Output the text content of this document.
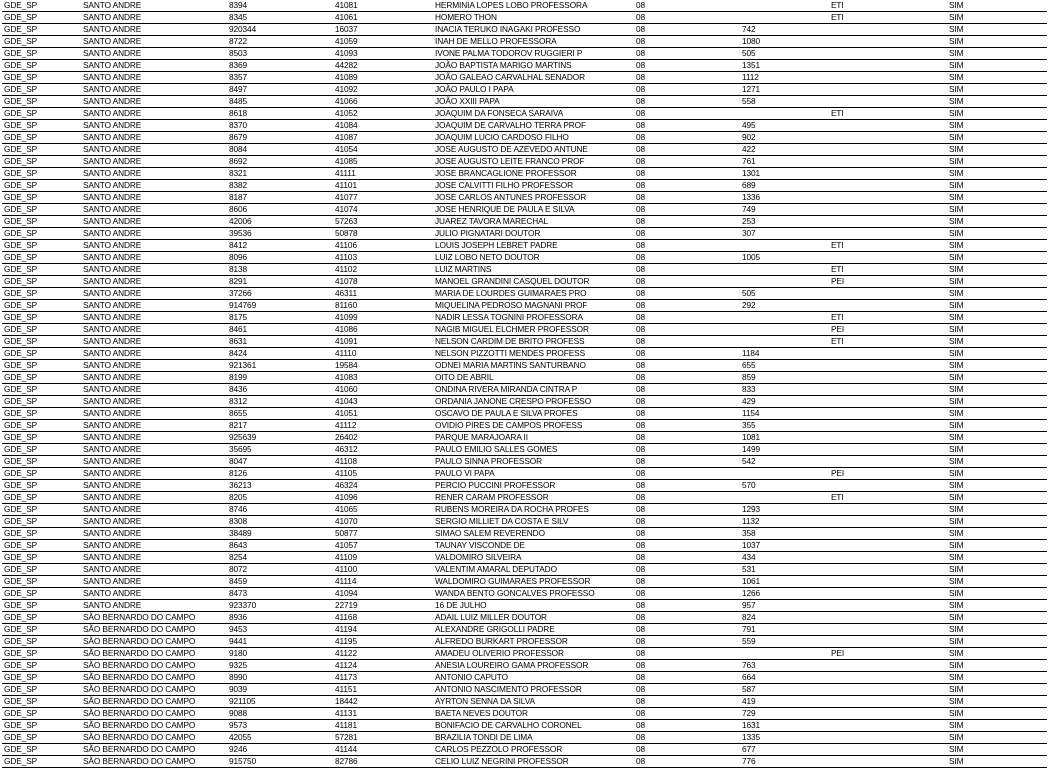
GDE_SP	SANTO ANDRE	8394	41081	HERMINIA LOPES LOBO PROFESSORA	08		ETI	SIM
GDE_SP	SANTO ANDRE	8345	41061	HOMERO THON	08		ETI	SIM
GDE_SP	SANTO ANDRE	920344	16037	INACIA TERUKO INAGAKI PROFESSO	08	742		SIM
GDE_SP	SANTO ANDRE	8722	41059	INAH DE MELLO PROFESSORA	08	1080		SIM
GDE_SP	SANTO ANDRE	8503	41093	IVONE PALMA TODOROV RUGGIERI P	08	505		SIM
GDE_SP	SANTO ANDRE	8369	44282	JOÃO BAPTISTA MARIGO MARTINS	08	1351		SIM
GDE_SP	SANTO ANDRE	8357	41089	JOÃO GALEAO CARVALHAL SENADOR	08	1112		SIM
GDE_SP	SANTO ANDRE	8497	41092	JOÃO PAULO I PAPA	08	1271		SIM
GDE_SP	SANTO ANDRE	8485	41066	JOÃO XXIII PAPA	08	558		SIM
GDE_SP	SANTO ANDRE	8618	41052	JOAQUIM DA FONSECA SARAIVA	08		ETI	SIM
GDE_SP	SANTO ANDRE	8370	41084	JOAQUIM DE CARVALHO TERRA PROF	08	495		SIM
GDE_SP	SANTO ANDRE	8679	41087	JOAQUIM LUCIO CARDOSO FILHO	08	902		SIM
GDE_SP	SANTO ANDRE	8084	41054	JOSE AUGUSTO DE AZEVEDO ANTUNE	08	422		SIM
GDE_SP	SANTO ANDRE	8692	41085	JOSE AUGUSTO LEITE FRANCO PROF	08	761		SIM
GDE_SP	SANTO ANDRE	8321	41111	JOSE BRANCAGLIONE PROFESSOR	08	1301		SIM
GDE_SP	SANTO ANDRE	8382	41101	JOSE CALVITTI FILHO PROFESSOR	08	689		SIM
GDE_SP	SANTO ANDRE	8187	41077	JOSE CARLOS ANTUNES PROFESSOR	08	1336		SIM
GDE_SP	SANTO ANDRE	8606	41074	JOSE HENRIQUE DE PAULA E SILVA	08	749		SIM
GDE_SP	SANTO ANDRE	42006	57263	JUAREZ TAVORA MARECHAL	08	253		SIM
GDE_SP	SANTO ANDRE	39536	50878	JULIO PIGNATARI DOUTOR	08	307		SIM
GDE_SP	SANTO ANDRE	8412	41106	LOUIS JOSEPH LEBRET PADRE	08		ETI	SIM
GDE_SP	SANTO ANDRE	8096	41103	LUIZ LOBO NETO DOUTOR	08	1005		SIM
GDE_SP	SANTO ANDRE	8138	41102	LUIZ MARTINS	08		ETI	SIM
GDE_SP	SANTO ANDRE	8291	41078	MANOEL GRANDINI CASQUEL DOUTOR	08		PEI	SIM
GDE_SP	SANTO ANDRE	37266	46311	MARIA DE LOURDES GUIMARAES PRO	08	505		SIM
GDE_SP	SANTO ANDRE	914769	81160	MIQUELINA PEDROSO MAGNANI PROF	08	292		SIM
GDE_SP	SANTO ANDRE	8175	41099	NADIR LESSA TOGNINI PROFESSORA	08		ETI	SIM
GDE_SP	SANTO ANDRE	8461	41086	NAGIB MIGUEL ELCHMER PROFESSOR	08		PEI	SIM
GDE_SP	SANTO ANDRE	8631	41091	NELSON CARDIM DE BRITO PROFESS	08		ETI	SIM
GDE_SP	SANTO ANDRE	8424	41110	NELSON PIZZOTTI MENDES PROFESS	08	1184		SIM
GDE_SP	SANTO ANDRE	921361	19584	ODNEI MARIA MARTINS SANTURBANO	08	655		SIM
GDE_SP	SANTO ANDRE	8199	41083	OITO DE ABRIL	08	859		SIM
GDE_SP	SANTO ANDRE	8436	41060	ONDINA RIVERA MIRANDA CINTRA P	08	833		SIM
GDE_SP	SANTO ANDRE	8312	41043	ORDANIA JANONE CRESPO PROFESSO	08	429		SIM
GDE_SP	SANTO ANDRE	8655	41051	OSCAVO DE PAULA E SILVA PROFES	08	1154		SIM
GDE_SP	SANTO ANDRE	8217	41112	OVIDIO PIRES DE CAMPOS PROFESS	08	355		SIM
GDE_SP	SANTO ANDRE	925639	26402	PARQUE MARAJOARA II	08	1081		SIM
GDE_SP	SANTO ANDRE	35695	46312	PAULO EMILIO SALLES GOMES	08	1499		SIM
GDE_SP	SANTO ANDRE	8047	41108	PAULO SINNA PROFESSOR	08	542		SIM
GDE_SP	SANTO ANDRE	8126	41105	PAULO VI PAPA	08		PEI	SIM
GDE_SP	SANTO ANDRE	36213	46324	PERCIO PUCCINI PROFESSOR	08	570		SIM
GDE_SP	SANTO ANDRE	8205	41096	RENER CARAM PROFESSOR	08		ETI	SIM
GDE_SP	SANTO ANDRE	8746	41065	RUBENS MOREIRA DA ROCHA PROFES	08	1293		SIM
GDE_SP	SANTO ANDRE	8308	41070	SERGIO MILLIET DA COSTA E SILV	08	1132		SIM
GDE_SP	SANTO ANDRE	38489	50877	SIMAO SALEM REVERENDO	08	358		SIM
GDE_SP	SANTO ANDRE	8643	41057	TAUNAY VISCONDE DE	08	1037		SIM
GDE_SP	SANTO ANDRE	8254	41109	VALDOMIRO SILVEIRA	08	434		SIM
GDE_SP	SANTO ANDRE	8072	41100	VALENTIM AMARAL DEPUTADO	08	531		SIM
GDE_SP	SANTO ANDRE	8459	41114	WALDOMIRO GUIMARAES PROFESSOR	08	1061		SIM
GDE_SP	SANTO ANDRE	8473	41094	WANDA BENTO GONCALVES PROFESSO	08	1266		SIM
GDE_SP	SANTO ANDRE	923370	22719	16 DE JULHO	08	957		SIM
GDE_SP	SÃO BERNARDO DO CAMPO	8936	41168	ADAIL LUIZ MILLER DOUTOR	08	824		SIM
GDE_SP	SÃO BERNARDO DO CAMPO	9453	41194	ALEXANDRE GRIGOLLI PADRE	08	791		SIM
GDE_SP	SÃO BERNARDO DO CAMPO	9441	41195	ALFREDO BURKART PROFESSOR	08	559		SIM
GDE_SP	SÃO BERNARDO DO CAMPO	9180	41122	AMADEU OLIVERIO PROFESSOR	08		PEI	SIM
GDE_SP	SÃO BERNARDO DO CAMPO	9325	41124	ANESIA LOUREIRO GAMA PROFESSOR	08	763		SIM
GDE_SP	SÃO BERNARDO DO CAMPO	8990	41173	ANTONIO CAPUTO	08	664		SIM
GDE_SP	SÃO BERNARDO DO CAMPO	9039	41151	ANTONIO NASCIMENTO PROFESSOR	08	587		SIM
GDE_SP	SÃO BERNARDO DO CAMPO	921105	18442	AYRTON SENNA DA SILVA	08	419		SIM
GDE_SP	SÃO BERNARDO DO CAMPO	9088	41131	BAETA NEVES DOUTOR	08	729		SIM
GDE_SP	SÃO BERNARDO DO CAMPO	9573	41181	BONIFACIO DE CARVALHO CORONEL	08	1631		SIM
GDE_SP	SÃO BERNARDO DO CAMPO	42055	57281	BRAZILIA TONDI DE LIMA	08	1335		SIM
GDE_SP	SÃO BERNARDO DO CAMPO	9246	41144	CARLOS PEZZOLO PROFESSOR	08	677		SIM
GDE_SP	SÃO BERNARDO DO CAMPO	915750	82786	CELIO LUIZ NEGRINI PROFESSOR	08	776		SIM
